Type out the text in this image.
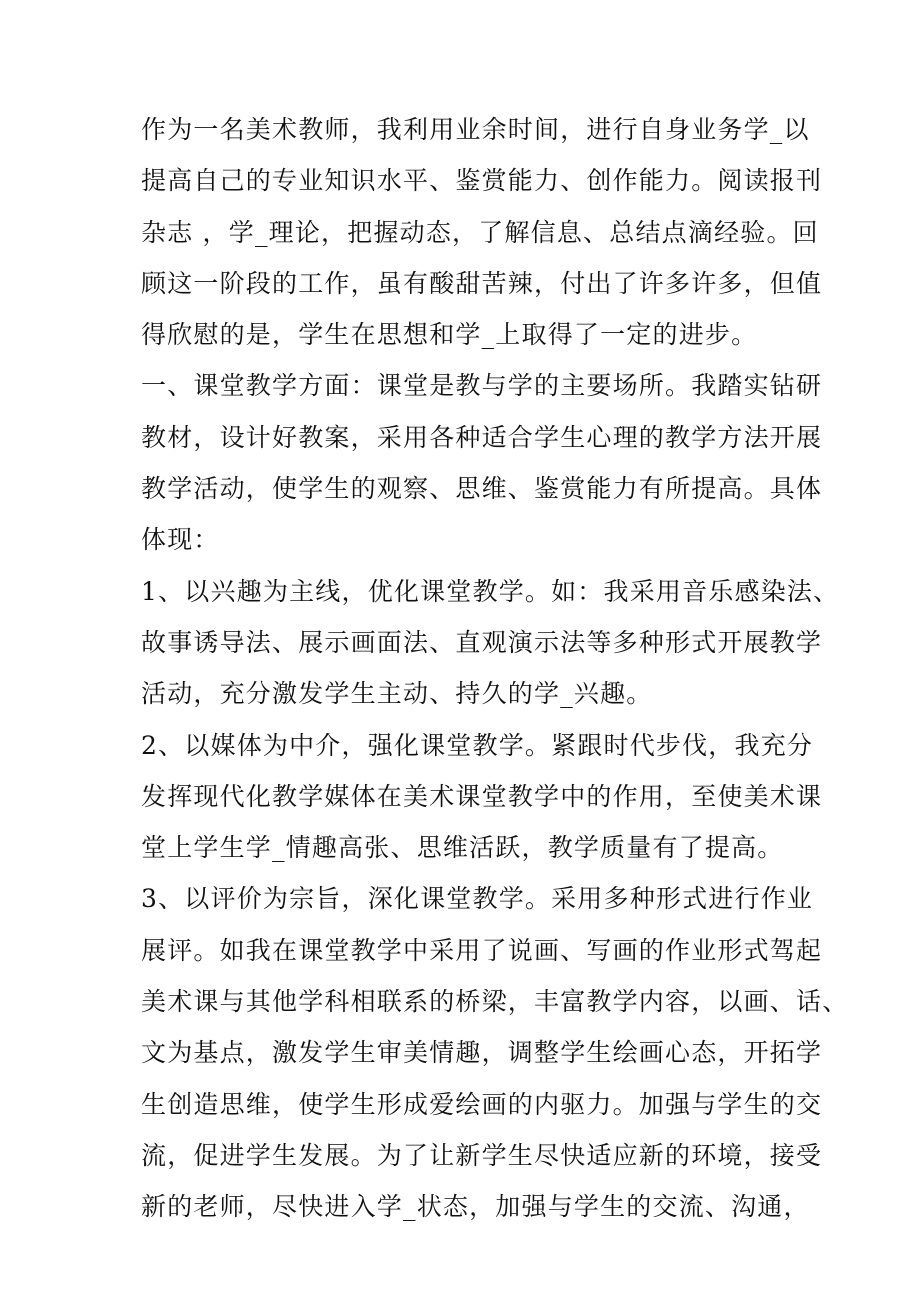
作为一名美术教师，我利用业余时间，进行自身业务学_以
提高自己的专业知识水平、鉴赏能力、创作能力。阅读报刊
杂志 ，学_理论，把握动态，了解信息、总结点滴经验。回
顾这一阶段的工作，虽有酸甜苦辣，付出了许多许多，但值
得欣慰的是，学生在思想和学_上取得了一定的进步。
一、课堂教学方面：课堂是教与学的主要场所。我踏实钻研
教材，设计好教案，采用各种适合学生心理的教学方法开展
教学活动，使学生的观察、思维、鉴赏能力有所提高。具体
体现：
1、以兴趣为主线，优化课堂教学。如：我采用音乐感染法、
故事诱导法、展示画面法、直观演示法等多种形式开展教学
活动，充分激发学生主动、持久的学_兴趣。
2、以媒体为中介，强化课堂教学。紧跟时代步伐，我充分
发挥现代化教学媒体在美术课堂教学中的作用，至使美术课
堂上学生学_情趣高张、思维活跃，教学质量有了提高。
3、以评价为宗旨，深化课堂教学。采用多种形式进行作业
展评。如我在课堂教学中采用了说画、写画的作业形式驾起
美术课与其他学科相联系的桥梁，丰富教学内容，以画、话、
文为基点，激发学生审美情趣，调整学生绘画心态，开拓学
生创造思维，使学生形成爱绘画的内驱力。加强与学生的交
流，促进学生发展。为了让新学生尽快适应新的环境，接受
新的老师，尽快进入学_状态，加强与学生的交流、沟通，
